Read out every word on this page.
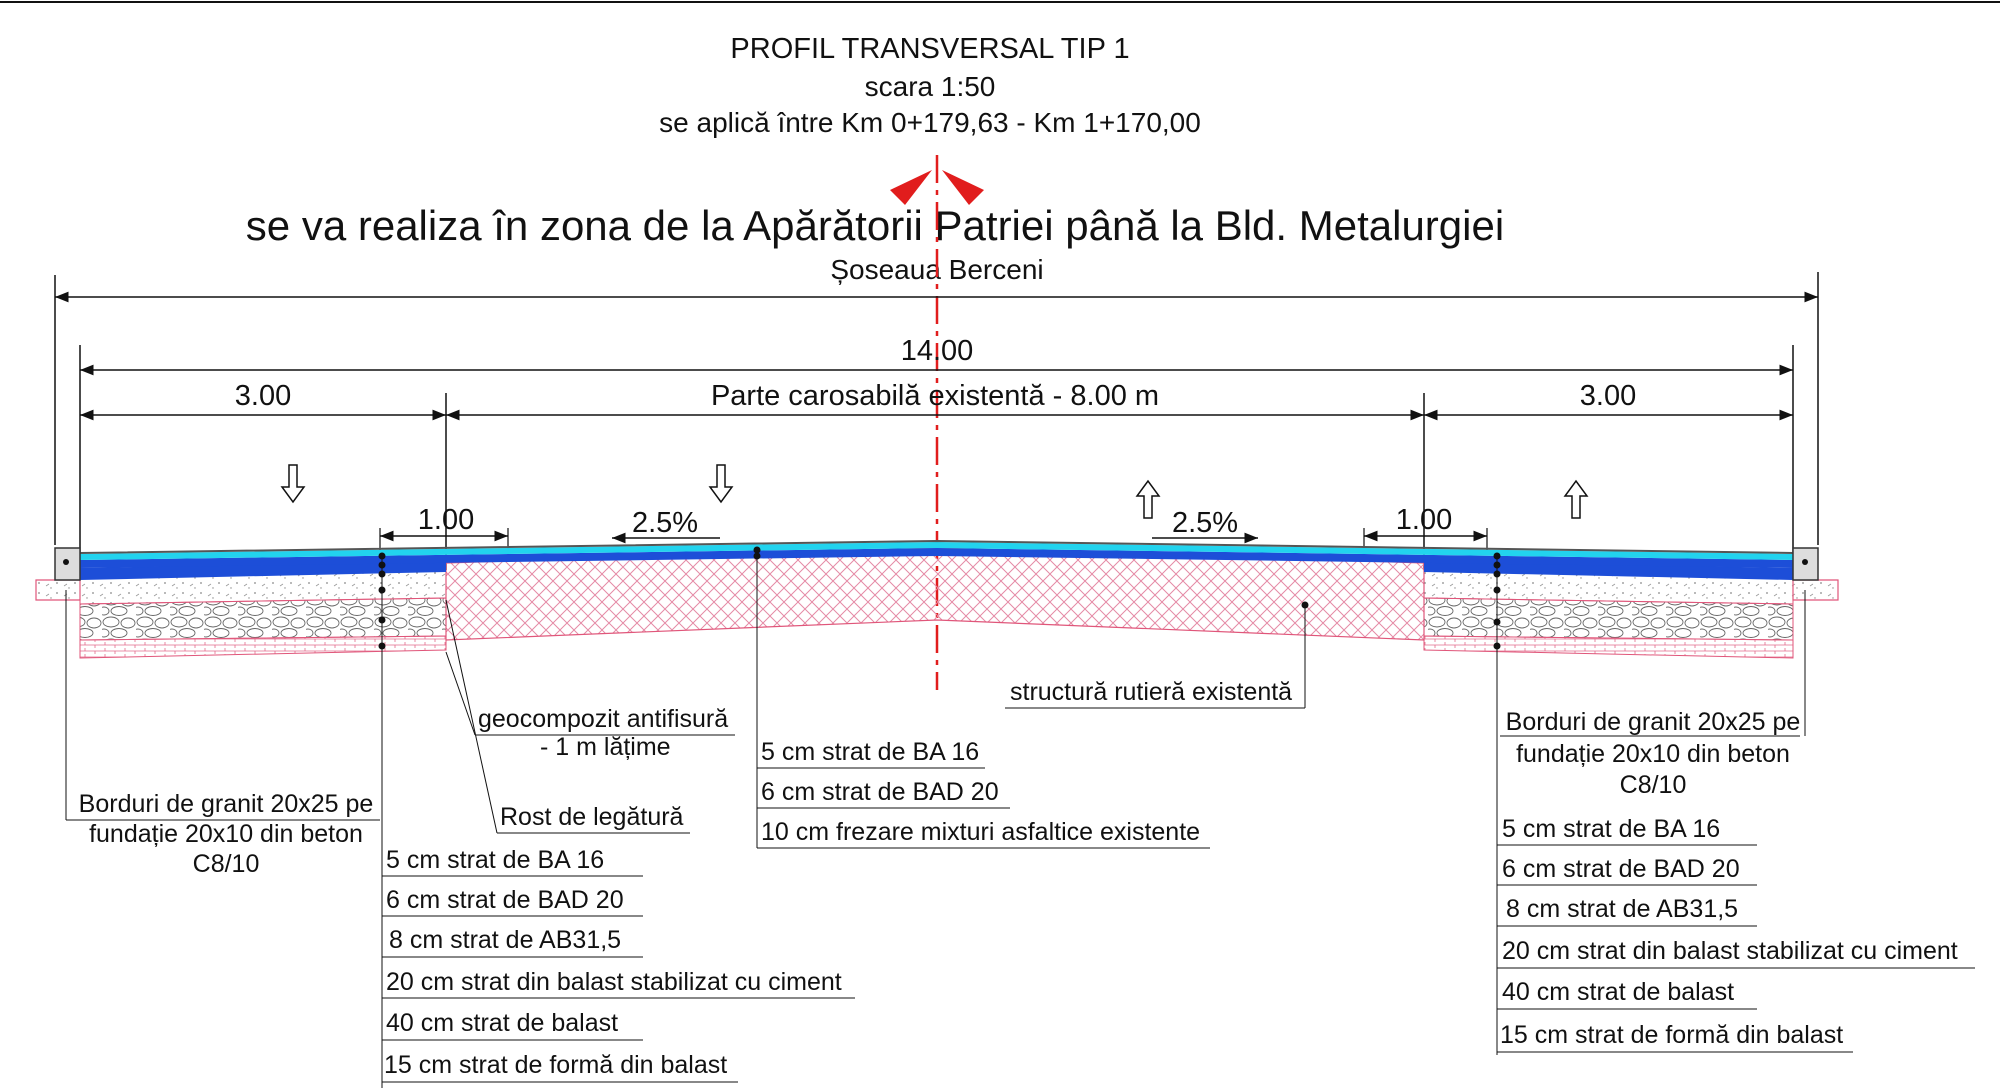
PROFIL TRANSVERSAL TIP 1
scara 1:50
se aplică între Km 0+179,63 - Km 1+170,00
se va realiza în zona de la Apărătorii Patriei până la Bld. Metalurgiei
Șoseaua Berceni
14.00
3.00	Parte carosabilă existentă - 8.00 m	3.00
1.00	1.00
2.5%	2.5%
structură rutieră existentă
geocompozit antifisură
- 1 m lățime
Rost de legătură
Borduri de granit 20x25 pe
fundație 20x10 din beton
C8/10
Borduri de granit 20x25 pe
fundație 20x10 din beton
C8/10
5 cm strat de BA 16
6 cm strat de BAD 20
10 cm frezare mixturi asfaltice existente
5 cm strat de BA 16
6 cm strat de BAD 20
8 cm strat de AB31,5
20 cm strat din balast stabilizat cu ciment
40 cm strat de balast
15 cm strat de formă din balast
5 cm strat de BA 16
6 cm strat de BAD 20
8 cm strat de AB31,5
20 cm strat din balast stabilizat cu ciment
40 cm strat de balast
15 cm strat de formă din balast
